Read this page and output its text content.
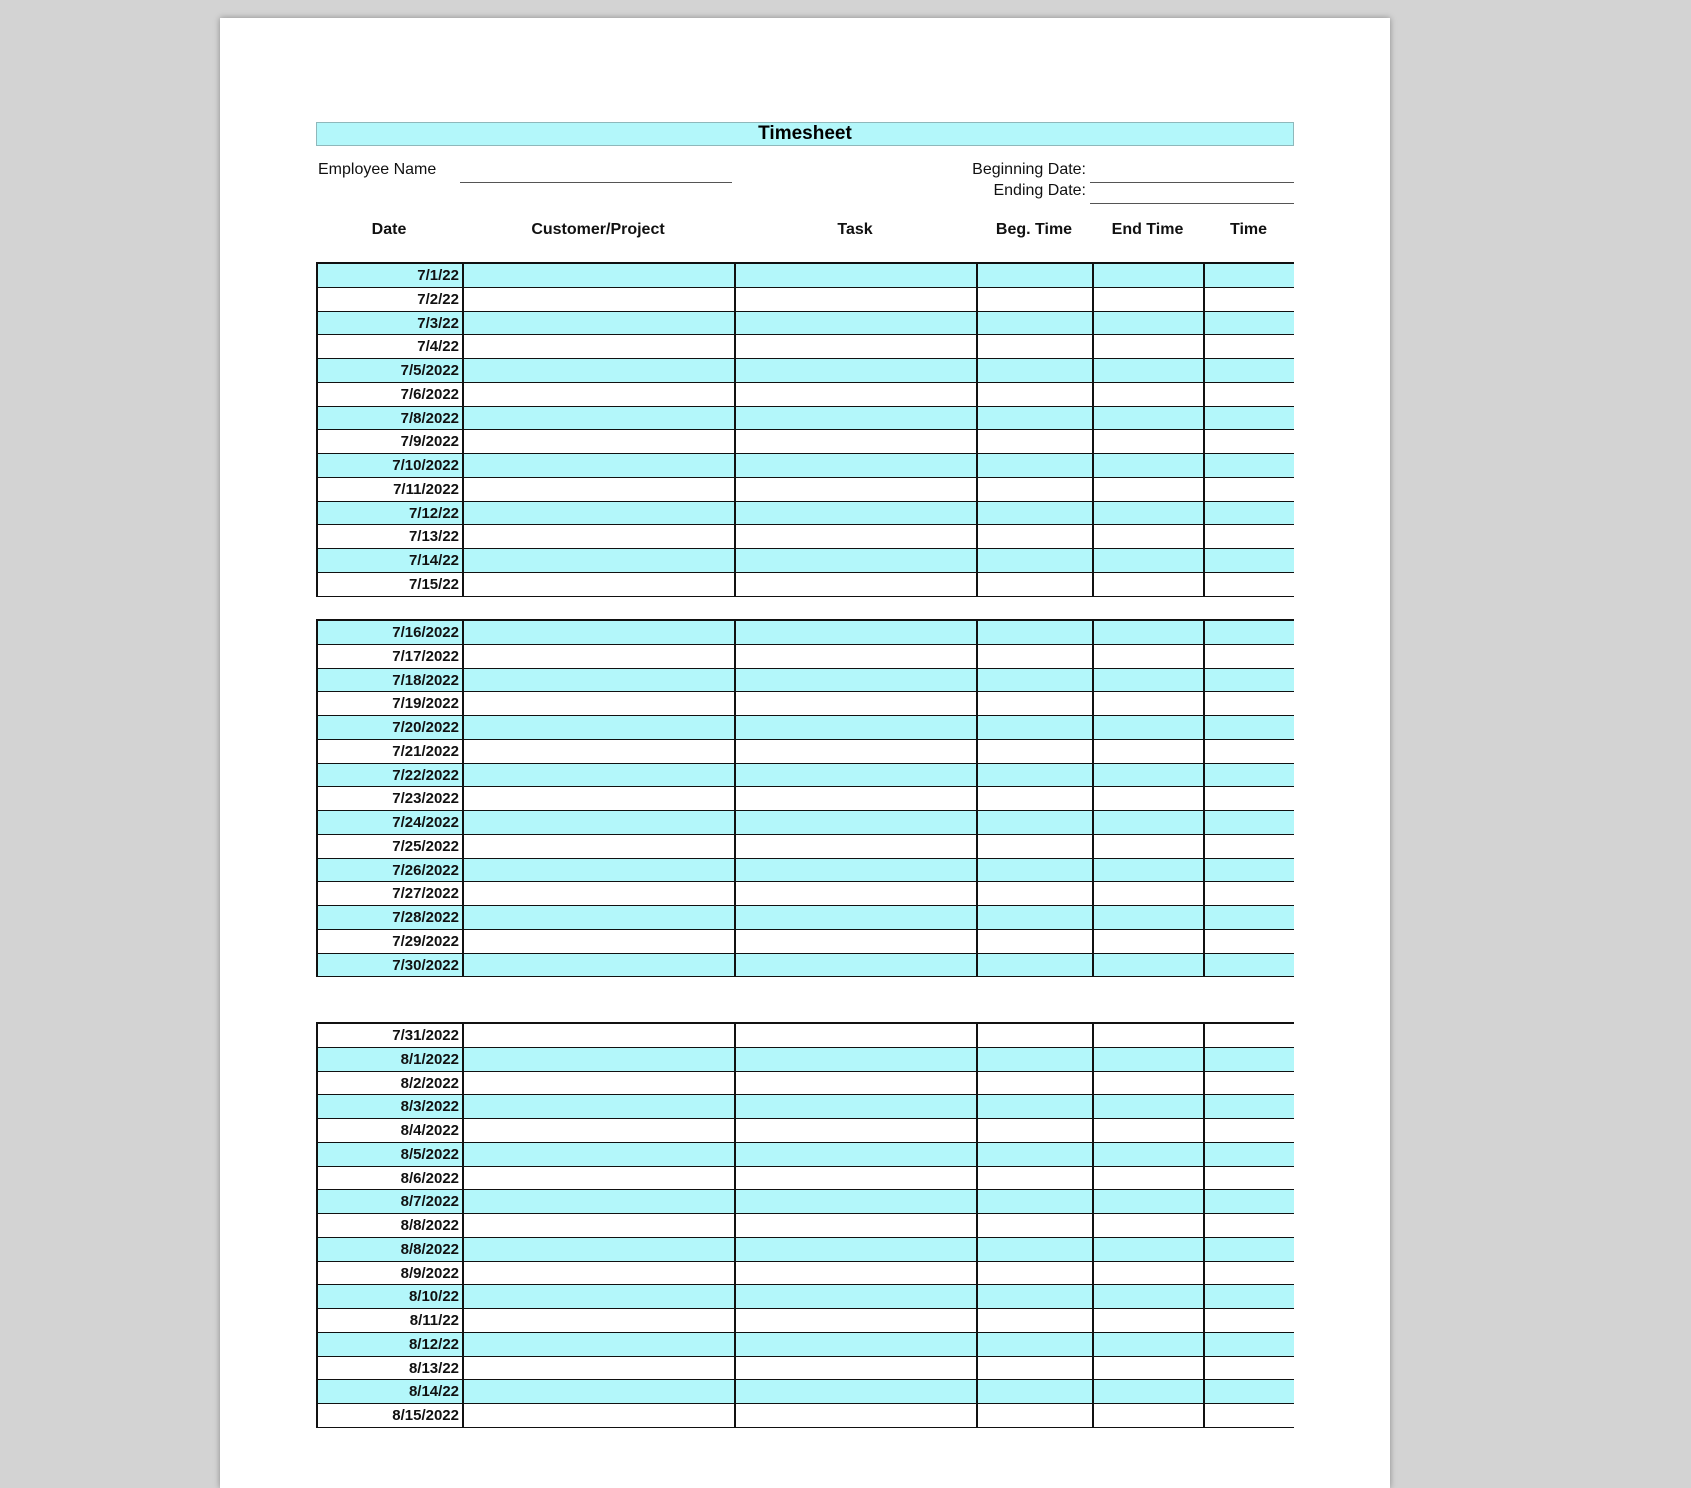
Timesheet
Employee Name	Beginning Date:
Ending Date:
Date	Customer/Project	Task	Beg. Time	End Time	Time
7/1/22
7/2/22
7/3/22
7/4/22
7/5/2022
7/6/2022
7/8/2022
7/9/2022
7/10/2022
7/11/2022
7/12/22
7/13/22
7/14/22
7/15/22
7/16/2022
7/17/2022
7/18/2022
7/19/2022
7/20/2022
7/21/2022
7/22/2022
7/23/2022
7/24/2022
7/25/2022
7/26/2022
7/27/2022
7/28/2022
7/29/2022
7/30/2022
7/31/2022
8/1/2022
8/2/2022
8/3/2022
8/4/2022
8/5/2022
8/6/2022
8/7/2022
8/8/2022
8/8/2022
8/9/2022
8/10/22
8/11/22
8/12/22
8/13/22
8/14/22
8/15/2022
